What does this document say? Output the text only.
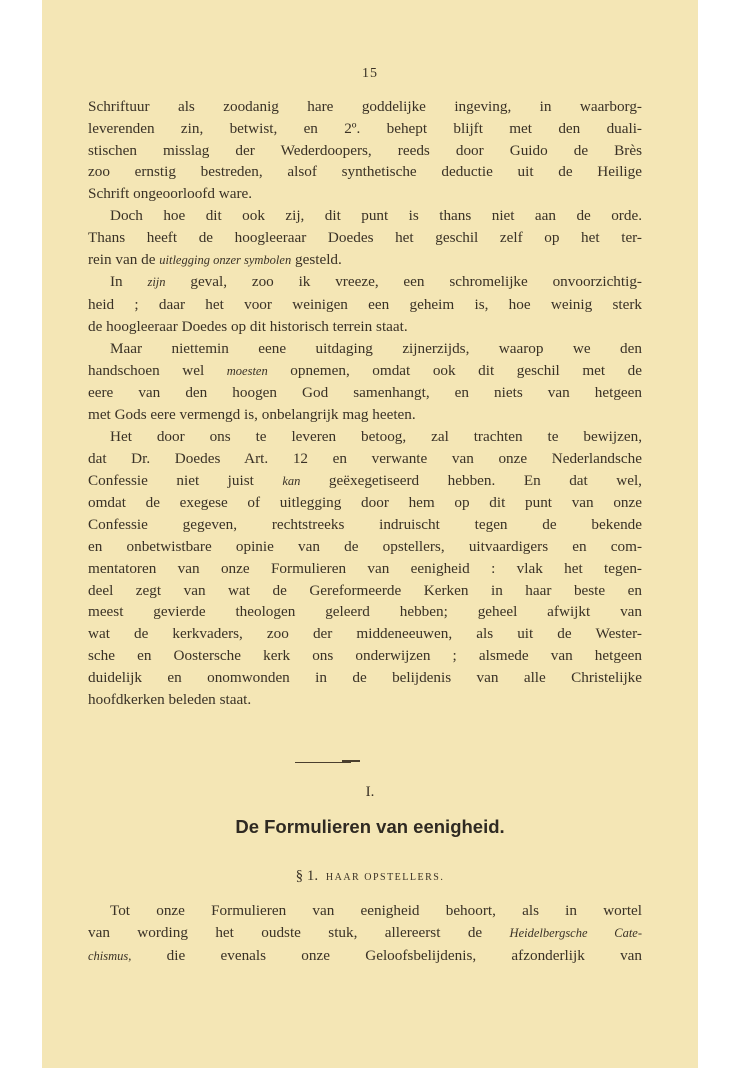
15

Schriftuur als zoodanig hare goddelijke ingeving, in waarborg-
leverenden zin, betwist, en 2º. behept blijft met den duali-
stischen misslag der Wederdoopers, reeds door Guido de Brès
zoo ernstig bestreden, alsof synthetische deductie uit de Heilige
Schrift ongeoorloofd ware.

Doch hoe dit ook zij, dit punt is thans niet aan de orde.
Thans heeft de hoogleeraar Doedes het geschil zelf op het ter-
rein van de uitlegging onzer symbolen gesteld.

In zijn geval, zoo ik vreeze, een schromelijke onvoorzichtig-
heid ; daar het voor weinigen een geheim is, hoe weinig sterk
de hoogleeraar Doedes op dit historisch terrein staat.

Maar niettemin eene uitdaging zijnerzijds, waarop we den
handschoen wel moesten opnemen, omdat ook dit geschil met de
eere van den hoogen God samenhangt, en niets van hetgeen
met Gods eere vermengd is, onbelangrijk mag heeten.

Het door ons te leveren betoog, zal trachten te bewijzen,
dat Dr. Doedes Art. 12 en verwante van onze Nederlandsche
Confessie niet juist kan geëxegetiseerd hebben. En dat wel,
omdat de exegese of uitlegging door hem op dit punt van onze
Confessie gegeven, rechtstreeks indruischt tegen de bekende
en onbetwistbare opinie van de opstellers, uitvaardigers en com-
mentatoren van onze Formulieren van eenigheid : vlak het tegen-
deel zegt van wat de Gereformeerde Kerken in haar beste en
meest gevierde theologen geleerd hebben; geheel afwijkt van
wat de kerkvaders, zoo der middeneeuwen, als uit de Wester-
sche en Oostersche kerk ons onderwijzen ; alsmede van hetgeen
duidelijk en onomwonden in de belijdenis van alle Christelijke
hoofdkerken beleden staat.

I.
De Formulieren van eenigheid.
§ 1. HAAR OPSTELLERS.

Tot onze Formulieren van eenigheid behoort, als in wortel
van wording het oudste stuk, allereerst de Heidelbergsche Cate-
chismus, die evenals onze Geloofsbelijdenis, afzonderlijk van
